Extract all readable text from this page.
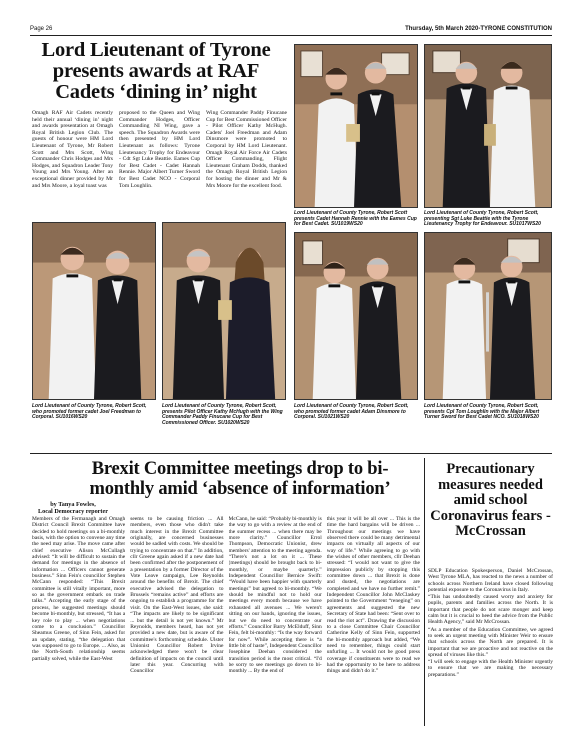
Page 26	Thursday, 5th March 2020-TYRONE CONSTITUTION
Lord Lieutenant of Tyrone presents awards at RAF Cadets ‘dining in’ night
Omagh RAF Air Cadets recently held their annual ‘dining in’ night and awards presentation at Omagh Royal British Legion Club. The guests of honour were HM Lord Lieutenant of Tyrone, Mr Robert Scott and Mrs Scott, Wing Commander Chris Hodges and Mrs Hodges, and Squadron Leader Tony Young and Mrs Young. After an exceptional dinner provided by Mr and Mrs Moore, a loyal toast was
proposed to the Queen and Wing Commander Hodges, Officer Commanding NI Wing, gave a speech. The Squadron Awards were then presented by HM Lord Lieutenant as follows: Tyrone Lieutenancy Trophy for Endeavour - Cdt Sgt Luke Beattie. Eames Cup for Best Cadet - Cadet Hannah Rennie. Major Albert Turner Sword for Best Cadet NCO - Corporal Tom Loughlin.
Wing Commander Paddy Finucane Cup for Best Commissioned Officer - Pilot Officer Kathy McHugh. Cadets' Joel Freedman and Adam Dinsmore were promoted to Corporal by HM Lord Lieutenant. Omagh Royal Air Force Air Cadets Officer Commanding, Flight Lieutenant Graham Dodds, thanked the Omagh Royal British Legion for hosting the dinner and Mr & Mrs Moore for the excellent food.
Lord Lieutenant of County Tyrone, Robert Scott presents Cadet Hannah Rennie with the Eames Cup for Best Cadet. SU1019WS20
Lord Lieutenant of County Tyrone, Robert Scott, presenting Sgt Luke Beattie with the Tyrone Lieutenancy Trophy for Endeavour. SU1017WS20
Lord Lieutenant of County Tyrone, Robert Scott, who promoted former cadet Joel Freedman to Corporal. SU1016WS20
Lord Lieutenant of County Tyrone, Robert Scott, presents Pilot Officer Kathy McHugh with the Wing Commander Paddy Finucane Cup for Best Commissioned Officer. SU1020WS20
Lord Lieutenant of County Tyrone, Robert Scott, who promoted former cadet Adam Dinsmore to Corporal. SU1021WS20
Lord Lieutenant of County Tyrone, Robert Scott, presents Cpl Tom Loughlin with the Major Albert Turner Sword for Best Cadet NCO. SU1018WS20
Brexit Committee meetings drop to bi-monthly amid ‘absence of information’
by Tanya Fowles,
Local Democracy reporter
Members of the Fermanagh and Omagh District Council Brexit Committee have decided to hold meetings on a bi-monthly basis, with the option to convene any time the need may arise. The move came after chief executive Alison McCullagh advised: “It will be difficult to sustain the demand for meetings in the absence of information ... Officers cannot generate business.” Sinn Fein's councillor Stephen McCann responded: “This Brexit committee is still vitally important, more so as the government embark on trade talks.” Accepting the early stage of the process, he suggested meetings should become bi-monthly, but stressed, “It has a key role to play ... when negotiations come to a conclusion.” Councillor Sheamus Greene, of Sinn Fein, asked for an update, stating, “the delegation that was supposed to go to Europe. ... Also, as the North-South relationship seems partially solved, while the East-West
seems to be causing friction ... All members, even those who didn't take much interest in the Brexit Committee originally, are concerned businesses would be sadled with costs. We should be trying to concentrate on that.” In addition, cllr Greene again asked if a new date had been confirmed after the postponement of a presentation by a former Director of the Vote Leave campaign, Lee Reynolds around the benefits of Brexit. The chief executive advised the delegation to Brussels “remains active” and efforts are ongoing to establish a programme for the visit. On the East-West issues, she said: “The impacts are likely to be significant ... but the detail is not yet known.” Mr Reynolds, members heard, has not yet provided a new date, but is aware of the committee's forthcoming schedule. Ulster Unionist Councillor Robert Irvine acknowledged there won't be clear definition of impacts on the council until later this year. Concurring with Councillor
McCann, he said: “Probably bi-monthly is the way to go with a review at the end of the summer recess ... when there may be more clarity.” Councillor Errol Thompson, Democratic Unionist, drew members' attention to the meeting agenda. “There's not a lot on it ... These (meetings) should be brought back to bi-monthly, or maybe quarterly.” Independent Councillor Bernice Swift: “Would have been happier with quarterly meetings” but agreed to bi-monthly. “We should be mindful not to hold our meetings every month because we have exhausted all avenues ... We weren't sitting on our hands, ignoring the issues, but we do need to concentrate our efforts.” Councillor Barry McElduff, Sinn Fein, felt bi-monthly: “Is the way forward for now”. While accepting there is “a little bit of haste”, Independent Councillor Josephine Deehan considered the transition period is the most critical. “I'd be sorry to see meetings go down to bi-monthly ... By the end of
this year it will be all over ... This is the time the hard bargains will be driven ... Throughout our meetings we have observed there could be many detrimental impacts on virtually all aspects of our way of life.” While agreeing to go with the wishes of other members, cllr Deehan stressed: “I would not want to give the impression publicly by stopping this committee down ... that Brexit is done and dusted, the negotiations are completed and we have no further remit.” Independent Councillor John McClaskey pointed to the Government “reneging” on agreements and suggested the new Secretary of State had been: “Sent over to read the riot act”. Drawing the discussion to a close Committee Chair Councillor Catherine Kelly of Sinn Fein, supported the bi-monthly approach but added, “We need to remember, things could start unfurling ... It would not be good press coverage if constituents were to read we had the opportunity to be here to address things and didn't do it.”
Precautionary measures needed amid school Coronavirus fears - McCrossan

SDLP Education Spokesperson, Daniel McCrossan, West Tyrone MLA, has reacted to the news a number of schools across Northern Ireland have closed following potential exposure to the Coronavirus in Italy.

“This has undoubtedly caused worry and anxiety for pupils, parents and families across the North. It is important that people do not scare monger and keep calm but it is crucial to heed the advice from the Public Health Agency,” said Mr McCrossan.

“As a member of the Education Committee, we agreed to seek an urgent meeting with Minister Weir to ensure that schools across the North are prepared. It is important that we are proactive and not reactive on the spread of viruses like this.”

“I will seek to engage with the Health Minister urgently to ensure that we are making the necessary preparations.”
